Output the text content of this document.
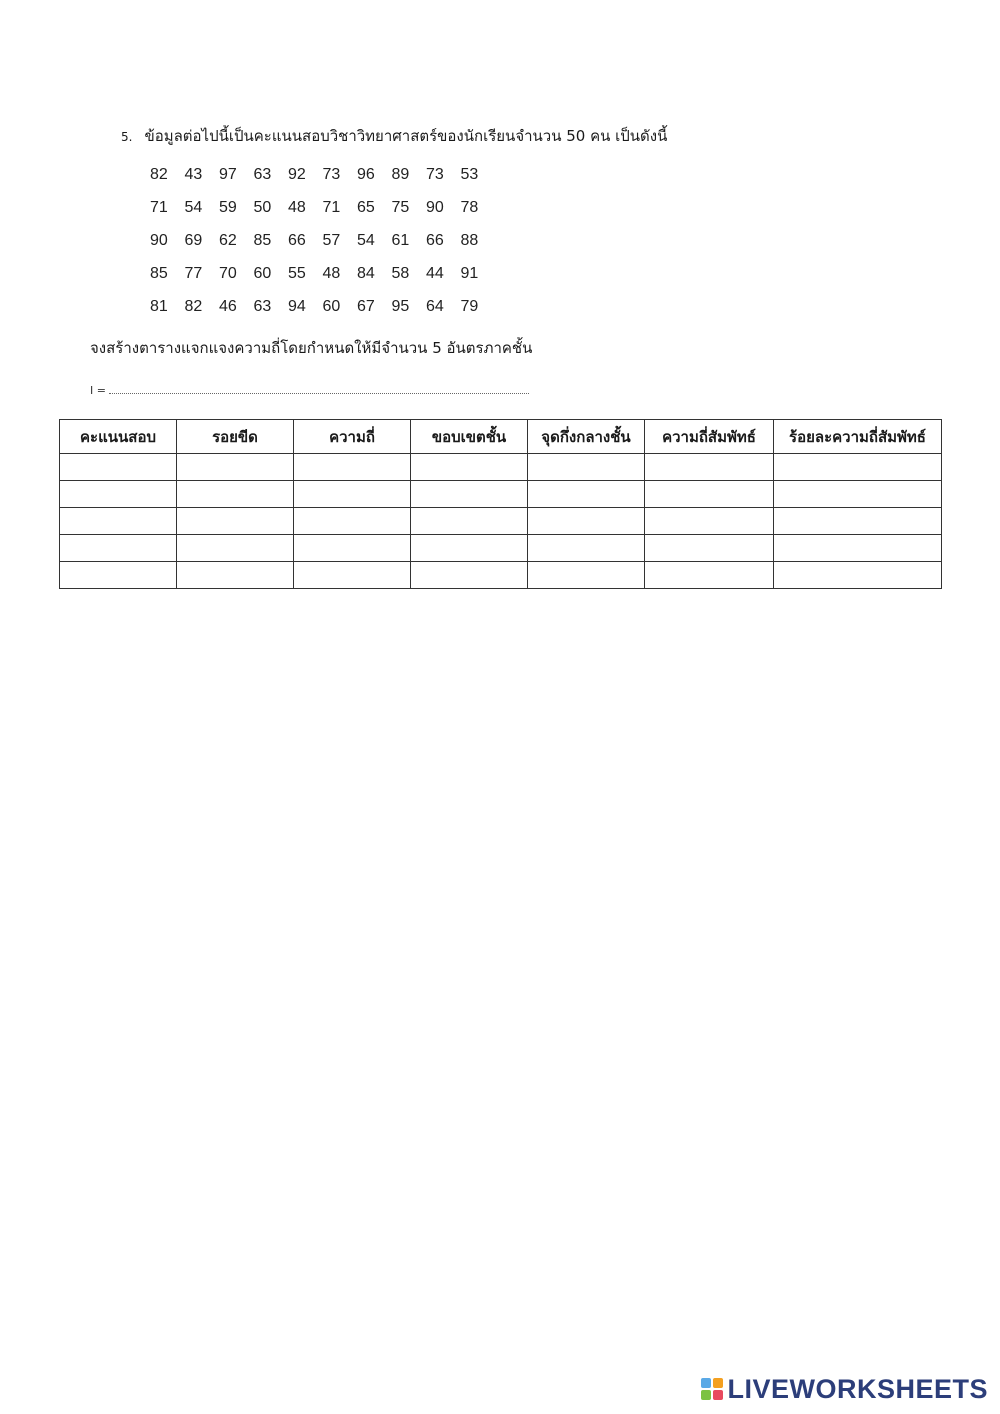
5. ข้อมูลต่อไปนี้เป็นคะแนนสอบวิชาวิทยาศาสตร์ของนักเรียนจำนวน 50 คน เป็นดังนี้
82	43	97	63	92	73	96	89	73	53
71	54	59	50	48	71	65	75	90	78
90	69	62	85	66	57	54	61	66	88
85	77	70	60	55	48	84	58	44	91
81	82	46	63	94	60	67	95	64	79
จงสร้างตารางแจกแจงความถี่โดยกำหนดให้มีจำนวน 5 อันตรภาคชั้น
I =
คะแนนสอบ	รอยขีด	ความถี่	ขอบเขตชั้น	จุดกึ่งกลางชั้น	ความถี่สัมพัทธ์	ร้อยละความถี่สัมพัทธ์

LIVEWORKSHEETS
